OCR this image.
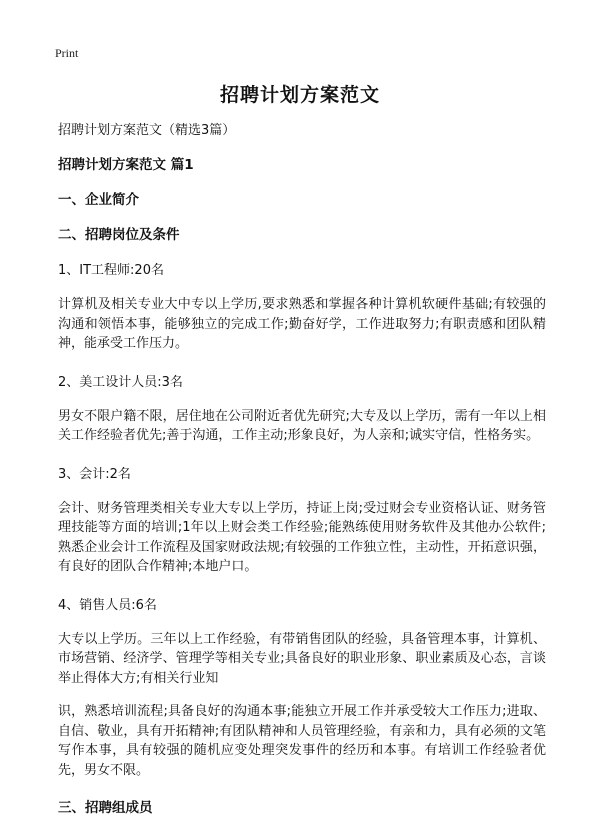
Print
招聘计划方案范文

招聘计划方案范文（精选3篇）

招聘计划方案范文 篇1

一、企业简介

二、招聘岗位及条件

1、IT工程师:20名

计算机及相关专业大中专以上学历,要求熟悉和掌握各种计算机软硬件基础;有较强的沟通和领悟本事，能够独立的完成工作;勤奋好学，工作进取努力;有职责感和团队精神，能承受工作压力。

2、美工设计人员:3名

男女不限户籍不限，居住地在公司附近者优先研究;大专及以上学历，需有一年以上相关工作经验者优先;善于沟通，工作主动;形象良好，为人亲和;诚实守信，性格务实。

3、会计:2名

会计、财务管理类相关专业大专以上学历，持证上岗;受过财会专业资格认证、财务管理技能等方面的培训;1年以上财会类工作经验;能熟练使用财务软件及其他办公软件;熟悉企业会计工作流程及国家财政法规;有较强的工作独立性，主动性，开拓意识强，有良好的团队合作精神;本地户口。

4、销售人员:6名

大专以上学历。三年以上工作经验，有带销售团队的经验，具备管理本事，计算机、市场营销、经济学、管理学等相关专业;具备良好的职业形象、职业素质及心态，言谈举止得体大方;有相关行业知

识，熟悉培训流程;具备良好的沟通本事;能独立开展工作并承受较大工作压力;进取、自信、敬业，具有开拓精神;有团队精神和人员管理经验，有亲和力，具有必须的文笔写作本事，具有较强的随机应变处理突发事件的经历和本事。有培训工作经验者优先，男女不限。

三、招聘组成员
